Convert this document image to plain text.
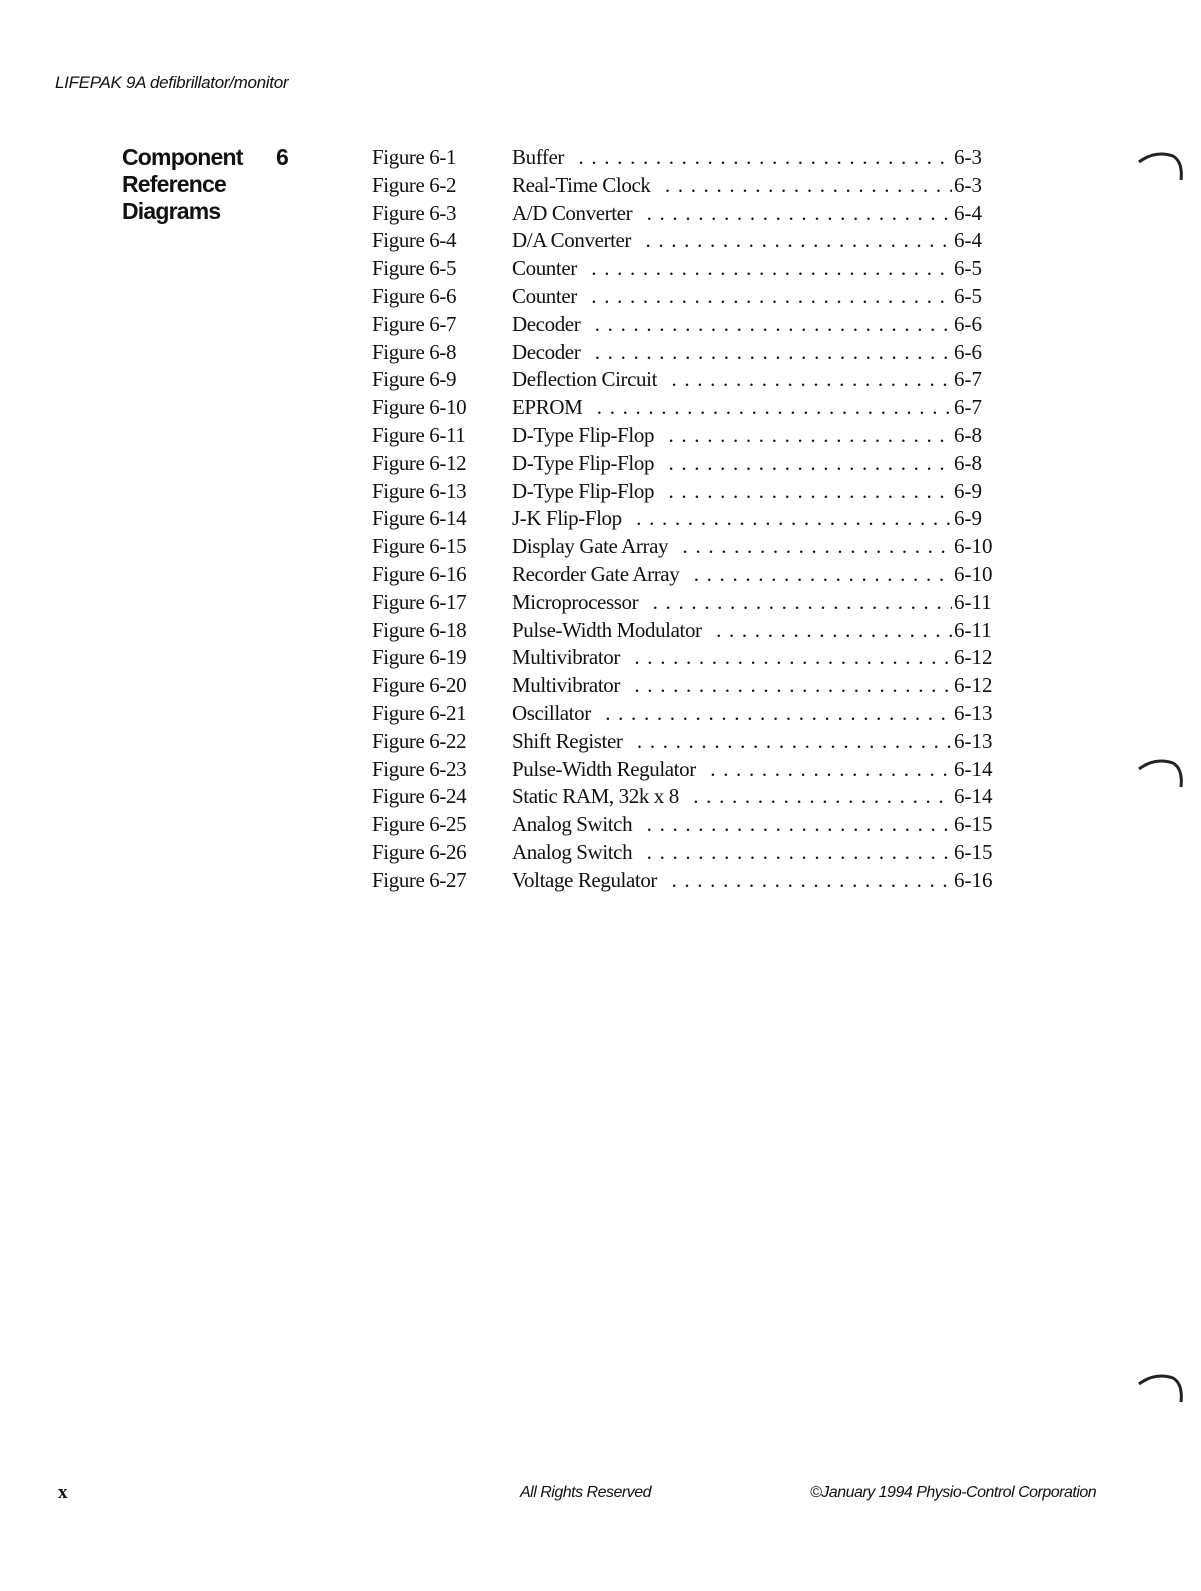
LIFEPAK 9A defibrillator/monitor
Component
Reference
Diagrams
6	Figure 6-1	Buffer . . .	6-3
Figure 6-2	Real-Time Clock . . .	6-3
Figure 6-3	A/D Converter . . .	6-4
Figure 6-4	D/A Converter . . .	6-4
Figure 6-5	Counter . . .	6-5
Figure 6-6	Counter . . .	6-5
Figure 6-7	Decoder . . .	6-6
Figure 6-8	Decoder . . .	6-6
Figure 6-9	Deflection Circuit . . .	6-7
Figure 6-10	EPROM . . .	6-7
Figure 6-11	D-Type Flip-Flop . . .	6-8
Figure 6-12	D-Type Flip-Flop . . .	6-8
Figure 6-13	D-Type Flip-Flop . . .	6-9
Figure 6-14	J-K Flip-Flop . . .	6-9
Figure 6-15	Display Gate Array . . .	6-10
Figure 6-16	Recorder Gate Array . . .	6-10
Figure 6-17	Microprocessor . . .	6-11
Figure 6-18	Pulse-Width Modulator . . .	6-11
Figure 6-19	Multivibrator . . .	6-12
Figure 6-20	Multivibrator . . .	6-12
Figure 6-21	Oscillator . . .	6-13
Figure 6-22	Shift Register . . .	6-13
Figure 6-23	Pulse-Width Regulator . . .	6-14
Figure 6-24	Static RAM, 32k x 8 . . .	6-14
Figure 6-25	Analog Switch . . .	6-15
Figure 6-26	Analog Switch . . .	6-15
Figure 6-27	Voltage Regulator . . .	6-16
x	All Rights Reserved	©January 1994 Physio-Control Corporation
